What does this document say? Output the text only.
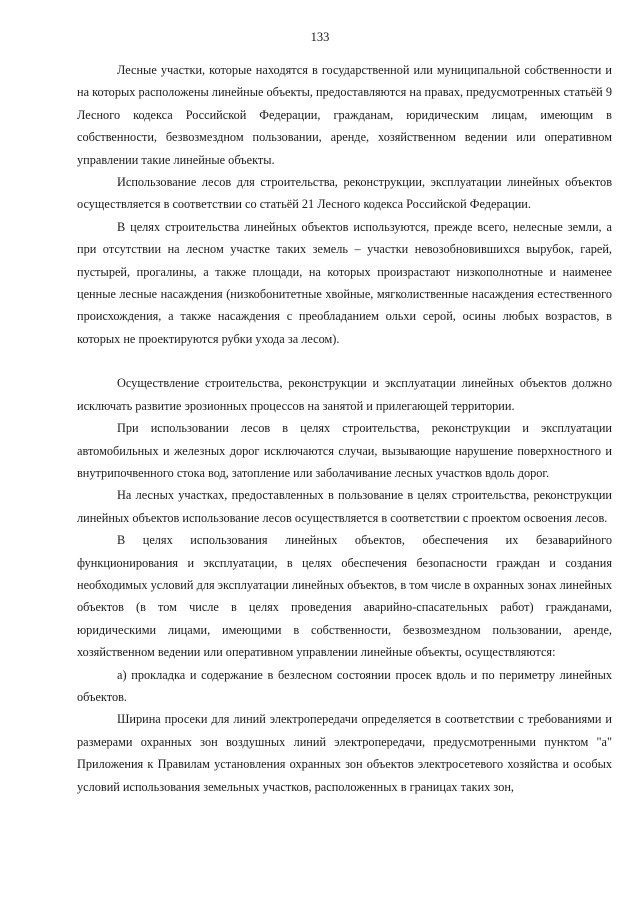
133

Лесные участки, которые находятся в государственной или муниципальной собственности и на которых расположены линейные объекты, предоставляются на правах, предусмотренных статьёй 9 Лесного кодекса Российской Федерации, гражданам, юридическим лицам, имеющим в собственности, безвозмездном пользовании, аренде, хозяйственном ведении или оперативном управлении такие линейные объекты.

Использование лесов для строительства, реконструкции, эксплуатации линейных объектов осуществляется в соответствии со статьёй 21 Лесного кодекса Российской Федерации.

В целях строительства линейных объектов используются, прежде всего, нелесные земли, а при отсутствии на лесном участке таких земель – участки невозобновившихся вырубок, гарей, пустырей, прогалины, а также площади, на которых произрастают низкополнотные и наименее ценные лесные насаждения (низкобонитетные хвойные, мягколиственные насаждения естественного происхождения, а также насаждения с преобладанием ольхи серой, осины любых возрастов, в которых не проектируются рубки ухода за лесом).

Осуществление строительства, реконструкции и эксплуатации линейных объектов должно исключать развитие эрозионных процессов на занятой и прилегающей территории.

При использовании лесов в целях строительства, реконструкции и эксплуатации автомобильных и железных дорог исключаются случаи, вызывающие нарушение поверхностного и внутрипочвенного стока вод, затопление или заболачивание лесных участков вдоль дорог.

На лесных участках, предоставленных в пользование в целях строительства, реконструкции линейных объектов использование лесов осуществляется в соответствии с проектом освоения лесов.

В целях использования линейных объектов, обеспечения их безаварийного функционирования и эксплуатации, в целях обеспечения безопасности граждан и создания необходимых условий для эксплуатации линейных объектов, в том числе в охранных зонах линейных объектов (в том числе в целях проведения аварийно-спасательных работ) гражданами, юридическими лицами, имеющими в собственности, безвозмездном пользовании, аренде, хозяйственном ведении или оперативном управлении линейные объекты, осуществляются:

а) прокладка и содержание в безлесном состоянии просек вдоль и по периметру линейных объектов.

Ширина просеки для линий электропередачи определяется в соответствии с требованиями и размерами охранных зон воздушных линий электропередачи, предусмотренными пунктом "а" Приложения к Правилам установления охранных зон объектов электросетевого хозяйства и особых условий использования земельных участков, расположенных в границах таких зон,
